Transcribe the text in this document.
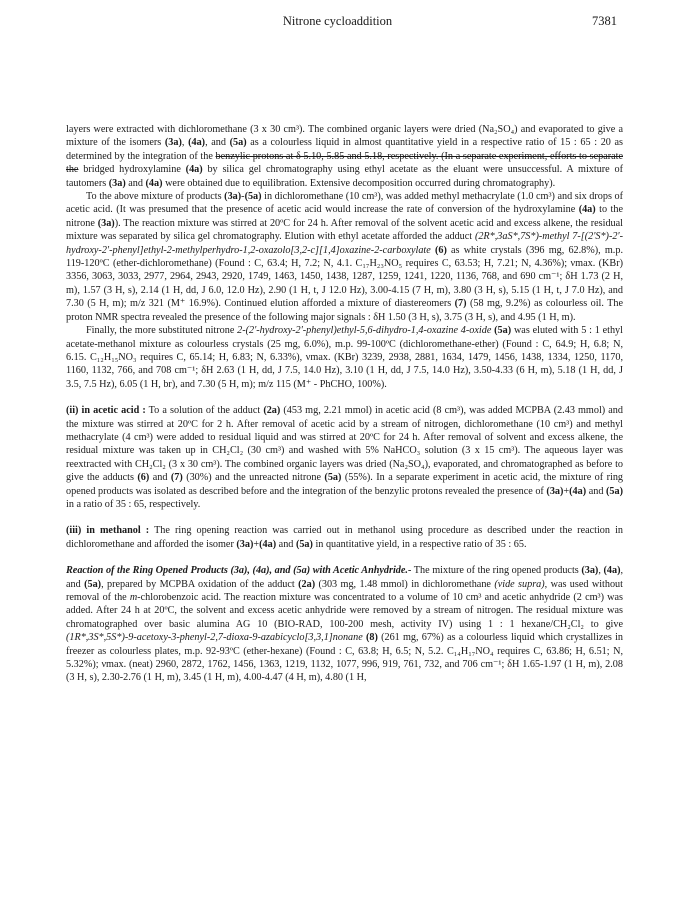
Nitrone cycloaddition	7381

layers were extracted with dichloromethane (3 x 30 cm³). The combined organic layers were dried (Na₂SO₄) and evaporated to give a mixture of the isomers (3a), (4a), and (5a) as a colourless liquid in almost quantitative yield in a respective ratio of 15 : 65 : 20 as determined by the integration of the benzylic protons at δ 5.10, 5.85 and 5.18, respectively. (In a separate experiment, efforts to separate the bridged hydroxylamine (4a) by silica gel chromatography using ethyl acetate as the eluant were unsuccessful. A mixture of tautomers (3a) and (4a) were obtained due to equilibration. Extensive decomposition occurred during chromatography).

To the above mixture of products (3a)-(5a) in dichloromethane (10 cm³), was added methyl methacrylate (1.0 cm³) and six drops of acetic acid. (It was presumed that the presence of acetic acid would increase the rate of conversion of the hydroxylamine (4a) to the nitrone (3a)). The reaction mixture was stirred at 20ºC for 24 h. After removal of the solvent acetic acid and excess alkene, the residual mixture was separated by silica gel chromatography. Elution with ethyl acetate afforded the adduct (2R*,3aS*,7S*)-methyl 7-[(2'S*)-2'-hydroxy-2'-phenyl]ethyl-2-methylperhydro-1,2-oxazolo[3,2-c][1,4]oxazine-2-carboxylate (6) as white crystals (396 mg, 62.8%), m.p. 119-120ºC (ether-dichloromethane) (Found : C, 63.4; H, 7.2; N, 4.1. C₁₇H₂₃NO₅ requires C, 63.53; H, 7.21; N, 4.36%); νmax. (KBr) 3356, 3063, 3033, 2977, 2964, 2943, 2920, 1749, 1463, 1450, 1438, 1287, 1259, 1241, 1220, 1136, 768, and 690 cm⁻¹; δH 1.73 (2 H, m), 1.57 (3 H, s), 2.14 (1 H, dd, J 6.0, 12.0 Hz), 2.90 (1 H, t, J 12.0 Hz), 3.00-4.15 (7 H, m), 3.80 (3 H, s), 5.15 (1 H, t, J 7.0 Hz), and 7.30 (5 H, m); m/z 321 (M⁺ 16.9%). Continued elution afforded a mixture of diastereomers (7) (58 mg, 9.2%) as colourless oil. The proton NMR spectra revealed the presence of the following major signals : δH 1.50 (3 H, s), 3.75 (3 H, s), and 4.95 (1 H, m).

Finally, the more substituted nitrone 2-(2'-hydroxy-2'-phenyl)ethyl-5,6-dihydro-1,4-oxazine 4-oxide (5a) was eluted with 5 : 1 ethyl acetate-methanol mixture as colourless crystals (25 mg, 6.0%), m.p. 99-100ºC (dichloromethane-ether) (Found : C, 64.9; H, 6.8; N, 6.15. C₁₂H₁₅NO₃ requires C, 65.14; H, 6.83; N, 6.33%), νmax. (KBr) 3239, 2938, 2881, 1634, 1479, 1456, 1438, 1334, 1250, 1170, 1160, 1132, 766, and 708 cm⁻¹; δH 2.63 (1 H, dd, J 7.5, 14.0 Hz), 3.10 (1 H, dd, J 7.5, 14.0 Hz), 3.50-4.33 (6 H, m), 5.18 (1 H, dd, J 3.5, 7.5 Hz), 6.05 (1 H, br), and 7.30 (5 H, m); m/z 115 (M⁺ - PhCHO, 100%).

(ii) in acetic acid : To a solution of the adduct (2a) (453 mg, 2.21 mmol) in acetic acid (8 cm³), was added MCPBA (2.43 mmol) and the mixture was stirred at 20ºC for 2 h. After removal of acetic acid by a stream of nitrogen, dichloromethane (10 cm³) and methyl methacrylate (4 cm³) were added to residual liquid and was stirred at 20ºC for 24 h. After removal of solvent and excess alkene, the residual mixture was taken up in CH₂Cl₂ (30 cm³) and washed with 5% NaHCO₃ solution (3 x 15 cm³). The aqueous layer was reextracted with CH₂Cl₂ (3 x 30 cm³). The combined organic layers was dried (Na₂SO₄), evaporated, and chromatographed as before to give the adducts (6) and (7) (30%) and the unreacted nitrone (5a) (55%). In a separate experiment in acetic acid, the mixture of ring opened products was isolated as described before and the integration of the benzylic protons revealed the presence of (3a)+(4a) and (5a) in a ratio of 35 : 65, respectively.

(iii) in methanol : The ring opening reaction was carried out in methanol using procedure as described under the reaction in dichloromethane and afforded the isomer (3a)+(4a) and (5a) in quantitative yield, in a respective ratio of 35 : 65.

Reaction of the Ring Opened Products (3a), (4a), and (5a) with Acetic Anhydride.- The mixture of the ring opened products (3a), (4a), and (5a), prepared by MCPBA oxidation of the adduct (2a) (303 mg, 1.48 mmol) in dichloromethane (vide supra), was used without removal of the m-chlorobenzoic acid. The reaction mixture was concentrated to a volume of 10 cm³ and acetic anhydride (2 cm³) was added. After 24 h at 20ºC, the solvent and excess acetic anhydride were removed by a stream of nitrogen. The residual mixture was chromatographed over basic alumina AG 10 (BIO-RAD, 100-200 mesh, activity IV) using 1 : 1 hexane/CH₂Cl₂ to give (1R*,3S*,5S*)-9-acetoxy-3-phenyl-2,7-dioxa-9-azabicyclo[3,3,1]nonane (8) (261 mg, 67%) as a colourless liquid which crystallizes in freezer as colourless plates, m.p. 92-93ºC (ether-hexane) (Found : C, 63.8; H, 6.5; N, 5.2. C₁₄H₁₇NO₄ requires C, 63.86; H, 6.51; N, 5.32%); νmax. (neat) 2960, 2872, 1762, 1456, 1363, 1219, 1132, 1077, 996, 919, 761, 732, and 706 cm⁻¹; δH 1.65-1.97 (1 H, m), 2.08 (3 H, s), 2.30-2.76 (1 H, m), 3.45 (1 H, m), 4.00-4.47 (4 H, m), 4.80 (1 H,
